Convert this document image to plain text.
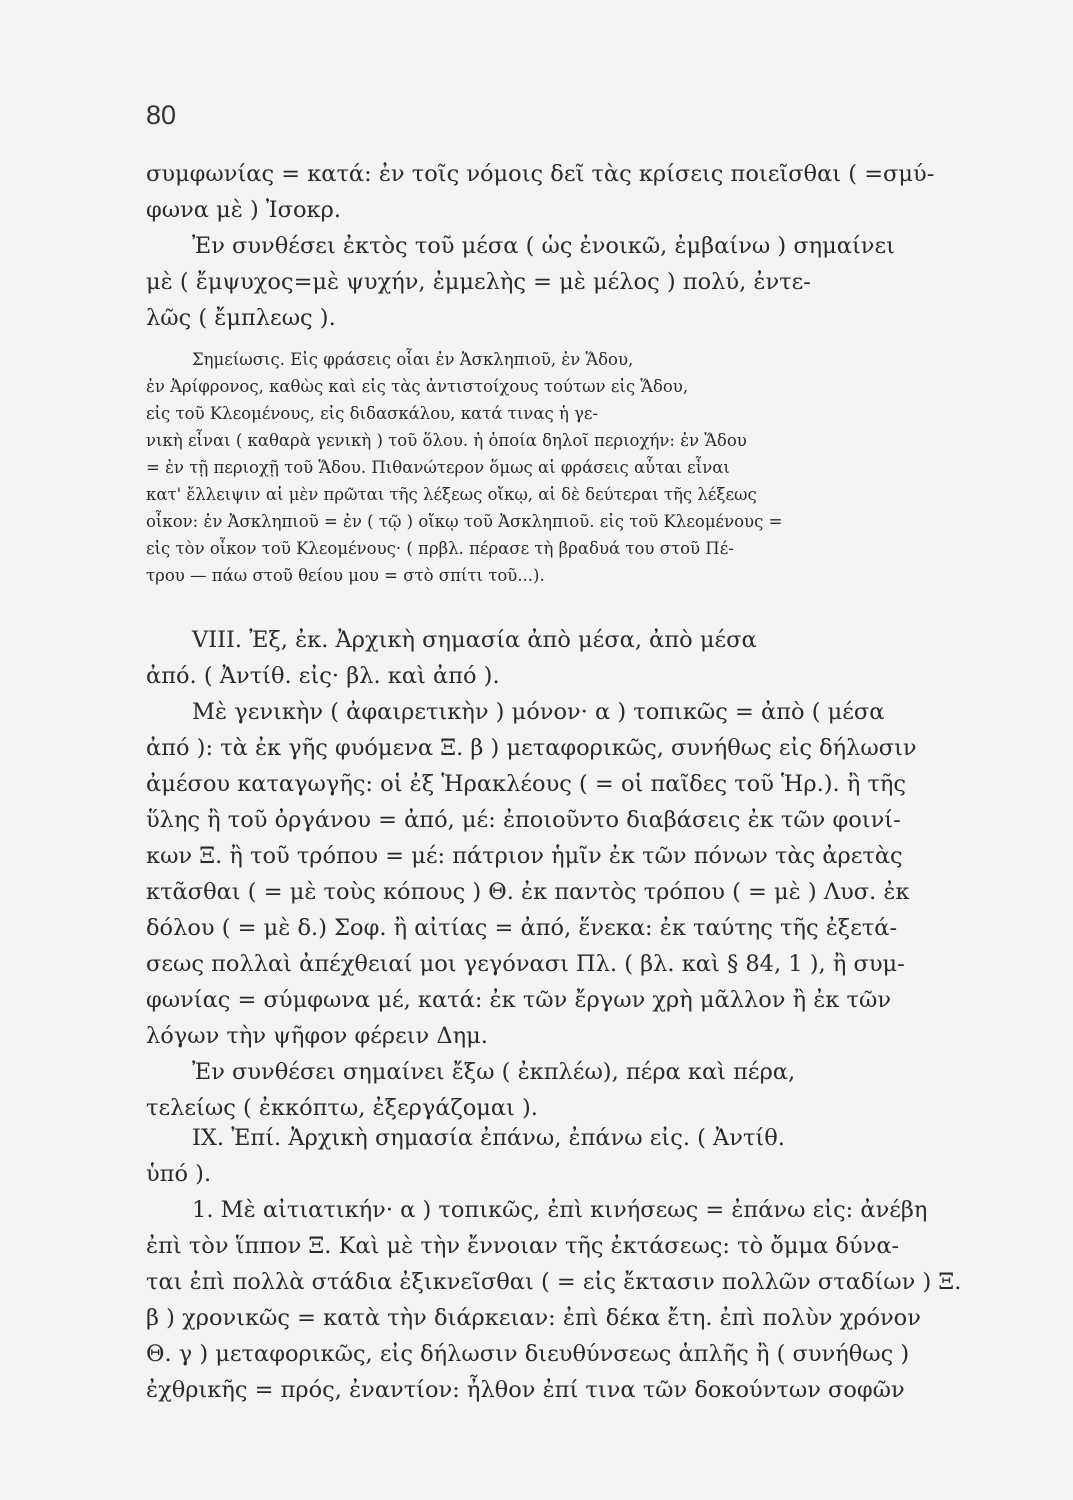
80
συμφωνίας = κατά: ἐν τοῖς νόμοις δεῖ τὰς κρίσεις ποιεῖσθαι ( =σμύ-
φωνα μὲ ) Ἰσοκρ.
Ἐν συνθέσει ἐκτὸς τοῦ μέσα ( ὡς ἐνοικῶ, ἐμβαίνω ) σημαίνει
μὲ ( ἔμψυχος=μὲ ψυχήν, ἐμμελὴς = μὲ μέλος ) πολύ, ἐντε-
λῶς ( ἔμπλεως ).
Σημείωσις. Εἰς φράσεις οἷαι ἐν Ἀσκληπιοῦ, ἐν Ἅδου,
ἐν Ἀρίφρονος, καθὼς καὶ εἰς τὰς ἀντιστοίχους τούτων εἰς Ἅδου,
εἰς τοῦ Κλεομένους, εἰς διδασκάλου, κατά τινας ἡ γε-
νικὴ εἶναι ( καθαρὰ γενικὴ ) τοῦ ὅλου. ἡ ὁποία δηλοῖ περιοχήν: ἐν Ἅδου
= ἐν τῇ περιοχῇ τοῦ Ἅδου. Πιθανώτερον ὅμως αἱ φράσεις αὗται εἶναι
κατ' ἔλλειψιν αἱ μὲν πρῶται τῆς λέξεως οἴκῳ, αἱ δὲ δεύτεραι τῆς λέξεως
οἶκον: ἐν Ἀσκληπιοῦ = ἐν ( τῷ ) οἴκῳ τοῦ Ἀσκληπιοῦ. εἰς τοῦ Κλεομένους =
εἰς τὸν οἶκον τοῦ Κλεομένους· ( πρβλ. πέρασε τὴ βραδυά του στοῦ Πέ-
τρου — πάω στοῦ θείου μου = στὸ σπίτι τοῦ...).
VIII. Ἐξ, ἐκ. Ἀρχικὴ σημασία ἀπὸ μέσα, ἀπὸ μέσα
ἀπό. ( Ἀντίθ. εἰς· βλ. καὶ ἀπό ).
Μὲ γενικὴν ( ἀφαιρετικὴν ) μόνον· α ) τοπικῶς = ἀπὸ ( μέσα
ἀπό ): τὰ ἐκ γῆς φυόμενα Ξ. β ) μεταφορικῶς, συνήθως εἰς δήλωσιν
ἀμέσου καταγωγῆς: οἱ ἐξ Ἡρακλέους ( = οἱ παῖδες τοῦ Ἡρ.). ἢ τῆς
ὕλης ἢ τοῦ ὀργάνου = ἀπό, μέ: ἐποιοῦντο διαβάσεις ἐκ τῶν φοινί-
κων Ξ. ἢ τοῦ τρόπου = μέ: πάτριον ἡμῖν ἐκ τῶν πόνων τὰς ἀρετὰς
κτᾶσθαι ( = μὲ τοὺς κόπους ) Θ. ἐκ παντὸς τρόπου ( = μὲ ) Λυσ. ἐκ
δόλου ( = μὲ δ.) Σοφ. ἢ αἰτίας = ἀπό, ἕνεκα: ἐκ ταύτης τῆς ἐξετά-
σεως πολλαὶ ἀπέχθειαί μοι γεγόνασι Πλ. ( βλ. καὶ § 84, 1 ), ἢ συμ-
φωνίας = σύμφωνα μέ, κατά: ἐκ τῶν ἔργων χρὴ μᾶλλον ἢ ἐκ τῶν
λόγων τὴν ψῆφον φέρειν Δημ.
Ἐν συνθέσει σημαίνει ἔξω ( ἐκπλέω), πέρα καὶ πέρα,
τελείως ( ἐκκόπτω, ἐξεργάζομαι ).
IX. Ἐπί. Ἀρχικὴ σημασία ἐπάνω, ἐπάνω εἰς. ( Ἀντίθ.
ὑπό ).
1. Μὲ αἰτιατικήν· α ) τοπικῶς, ἐπὶ κινήσεως = ἐπάνω εἰς: ἀνέβη
ἐπὶ τὸν ἵππον Ξ. Καὶ μὲ τὴν ἔννοιαν τῆς ἐκτάσεως: τὸ ὄμμα δύνα-
ται ἐπὶ πολλὰ στάδια ἐξικνεῖσθαι ( = εἰς ἔκτασιν πολλῶν σταδίων ) Ξ.
β ) χρονικῶς = κατὰ τὴν διάρκειαν: ἐπὶ δέκα ἔτη. ἐπὶ πολὺν χρόνον
Θ. γ ) μεταφορικῶς, εἰς δήλωσιν διευθύνσεως ἁπλῆς ἢ ( συνήθως )
ἐχθρικῆς = πρός, ἐναντίον: ἦλθον ἐπί τινα τῶν δοκούντων σοφῶν
